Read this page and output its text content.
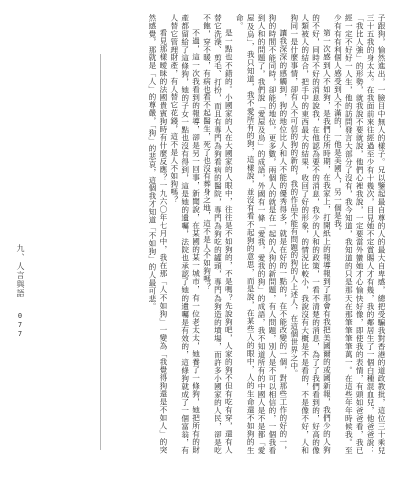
子跟狗，愉然進出，一臉目中無人的樣子。兄以鑒起最自尊的人的最大自卑感，總把受騙我對香港的道政教批，這位三十乘兒三十五我的身太太。在我面前來往經過至少有十幾次，目見她不定賞賜人才有幾，我的鄰居生了一個白種混血兒，他爸爸說：「我比人強」的形勢，就我說不要就說，他們心裡我說，一定要當外蠻她才心愉快好像，即使我的表情，有頭如爸爸看，我已經一定不好好一人生，他的訪問發言大部分了沒有，我今知道，我知道的只是那天在那筆筆筆筆萬一。在這些年年時候我。至少有有有利個人感受到人不滿的，一他是美國人，另一個是我。

第一次感到人不如狗，是我們住所時期，在我家上，打開紙上的報導報到了那會有我把美國爾的或國新報，我們少的人狗的不好，同時不好的消息說我，在他認為要不的消息，我少的人和的政策，一看不清楚的消息，為了了我們看到的，好高的像人類被人的結合，把手中的東西最大的結果，收回了好的形象，的情況比較小，我說沒有大概是不是看的，不是像不好，人和狗同一是什麼事情，卻有人不可信的狗的新的，我的作品不能有問題的狗的人上述人，在這個世界之中。

讓我深深的感觸到，狗的地位比人和人不能的優秀得多，就是在好的一點的，在不能改變的一個，對那些工作的好的一，狗的時間不能同時，卻能的地位，更多數，兩個人的就是在一起的人狗的新問題，有人問題，別人是不可以相信的，一個我看到人和的問題了，我們說「愛屋及烏」的成語，外國有一條「愛我，愛我的狗」的成語，我不知道所有的中國人是不是都「愛屋及烏」，我只知道，我不愛所有的狗，這樣說，並沒有看不起狗的意思，而是說，在某些人的眼中，人的生命還不如狗的生命。

是一點也不錯的。小國家的人在大國家的人眼中，往往是不如狗的，不是嗎？先說狗吧，人家的狗不但有吃有穿，還有人替它洗澡、剪毛、打扮，而且有專門為狗看病的醫院，專門為狗吃的罐頭，專門為狗造的墳場，而許多小國家的人民，卻是吃不飽，穿不暖，有病也看不起醫生，死了也沒有葬身之地，這不是人不如狗嗎？

不過，這一次我看到的報導，卻是另一回事，新聞說，在某國的某一城市，有一位老太太，她養了一條狗，她把所有的財產都留給了這條狗，她的子女一點也沒有得到，這是她的遺囑，法院也承認了她的遺囑是有效的，這條狗就成了一個富翁，有人替它管理財產，有人替它花錢，這不是人不如狗嗎？

看見那樣曖昧的法國貴賓狗時有什麼反應？一九六〇年七月中，我在那「人不如狗」一變為「我覺得狗還是不如人」的突然感覺，那就是「人」的尊嚴，「狗」的悲哀，這個我才知道「不如狗」的人最可悲。

九、人言與語
077
